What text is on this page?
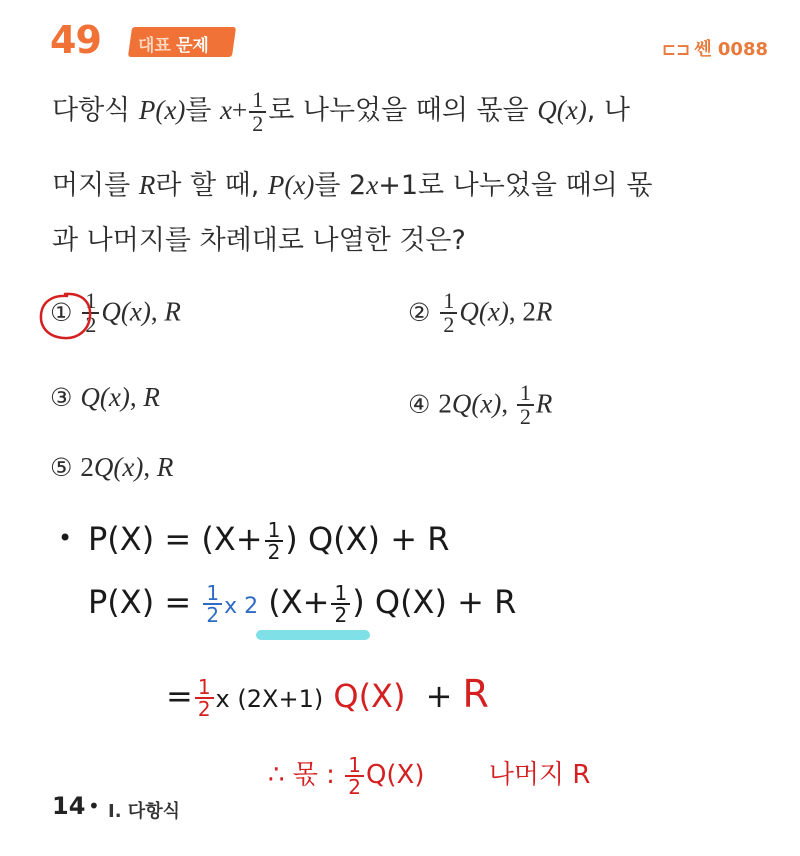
49 대표 문제	⊏⊐ 쎈 0088
다항식 P(x)를 $x+ \frac{1}{2}$ 로 나누었을 때의 몫을 Q(x), 나
머지를 R라 할 때, P(x)를 2x+1로 나누었을 때의 몫
과 나머지를 차례대로 나열한 것은?
① $\frac{1}{2} Q(x)$, R	② $\frac{1}{2} Q(x)$, 2R
③ Q(x), R	④ 2Q(x), $\frac{1}{2}$ R
⑤ 2Q(x), R
• $P(X) = (X+ \frac{1}{2}$ ) Q(X) + R
$P(X) = \frac{1}{2}$ x 2 ($X+ \frac{1}{2}$ ) Q(X) + R
= $\frac{1}{2}$ x (2X+1) Q(X) + R
∴ 몫 : $\frac{1}{2} Q(X)$ 나머지 R
14 • I. 다항식
